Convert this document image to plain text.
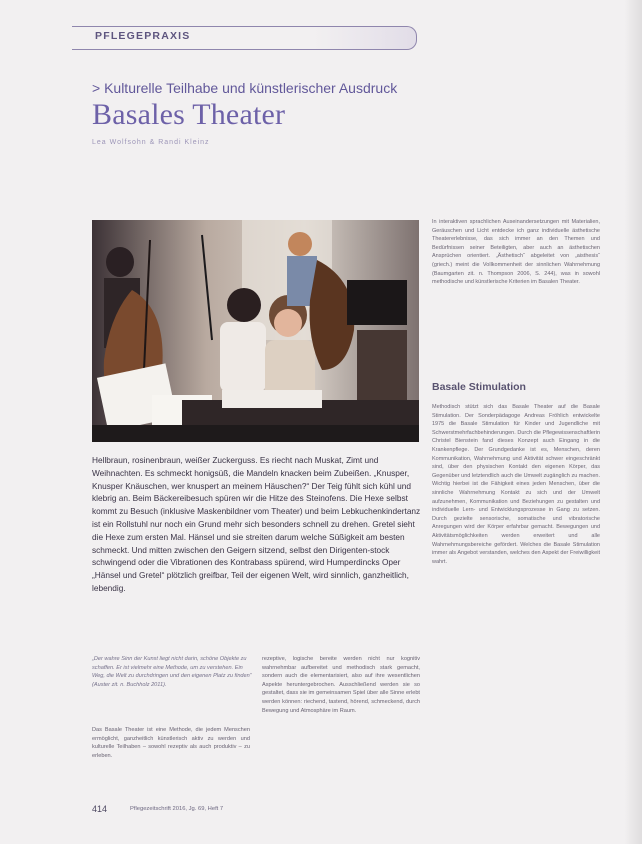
PFLEGEPRAXIS
> Kulturelle Teilhabe und künstlerischer Ausdruck
Basales Theater
Lea Wolfsohn & Randi Kleinz

Hellbraun, rosinenbraun, weißer Zuckerguss. Es riecht nach Muskat, Zimt und Weihnachten. Es schmeckt honigsüß, die Mandeln knacken beim Zubeißen. „Knusper, Knusper Knäuschen, wer knuspert an meinem Häuschen?“ Der Teig fühlt sich kühl und klebrig an. Beim Bäckereibesuch spüren wir die Hitze des Steinofens. Die Hexe selbst kommt zu Besuch (inklusive Maskenbildner vom Theater) und beim Lebkuchenkindertanz ist ein Rollstuhl nur noch ein Grund mehr sich besonders schnell zu drehen. Gretel sieht die Hexe zum ersten Mal. Hänsel und sie streiten darum welche Süßigkeit am besten schmeckt. Und mitten zwischen den Geigern sitzend, selbst den Dirigenten-stock schwingend oder die Vibrationen des Kontrabass spürend, wird Humperdincks Oper „Hänsel und Gretel“ plötzlich greifbar, Teil der eigenen Welt, wird sinnlich, ganzheitlich, lebendig.

„Der wahre Sinn der Kunst liegt nicht darin, schöne Objekte zu schaffen. Er ist vielmehr eine Methode, um zu verstehen. Ein Weg, die Welt zu durchdringen und den eigenen Platz zu finden“ (Auster zit. n. Buchholz 2011).

Das Basale Theater ist eine Methode, die jedem Menschen ermöglicht, ganzheitlich künstlerisch aktiv zu werden und kulturelle Teilhaben – sowohl rezeptiv als auch produktiv – zu erleben.

rezeptive, logische bereite werden nicht nur kognitiv wahrnehmbar aufbereitet und methodisch stark gemacht, sondern auch die elementarisiert, also auf ihre wesentlichen Aspekte heruntergebrochen. Ausschließend werden sie so gestaltet, dass sie im gemeinsamen Spiel über alle Sinne erlebt werden können: riechend, tastend, hörend, schmeckend, durch Bewegung und Atmosphäre im Raum.

In interaktiven sprachlichen Auseinandersetzungen mit Materialien, Geräuschen und Licht entdecke ich ganz individuelle ästhetische Theatererlebnisse, das sich immer an den Themen und Bedürfnissen seiner Beteiligten, aber auch an ästhetischen Ansprüchen orientiert. „Ästhetisch“ abgeleitet von „aisthesis“ (griech.) meint die Vollkommenheit der sinnlichen Wahrnehmung (Baumgarten zit. n. Thompson 2006, S. 244), was in sowohl methodische und künstlerische Kriterien im Basalen Theater.

Basale Stimulation

Methodisch stützt sich das Basale Theater auf die Basale Stimulation. Der Sonderpädagoge Andreas Fröhlich entwickelte 1975 die Basale Stimulation für Kinder und Jugendliche mit Schwerstmehrfachbehinderungen. Durch die Pflegewissenschaftlerin Christel Bienstein fand dieses Konzept auch Eingang in die Krankenpflege. Der Grundgedanke ist es, Menschen, deren Kommunikation, Wahrnehmung und Aktivität schwer eingeschränkt sind, über den physischen Kontakt den eigenen Körper, das Gegenüber und letztendlich auch die Umwelt zugänglich zu machen. Wichtig hierbei ist die Fähigkeit eines jeden Menschen, über die sinnliche Wahrnehmung Kontakt zu sich und der Umwelt aufzunehmen, Kommunikation und Beziehungen zu gestalten und individuelle Lern- und Entwicklungsprozesse in Gang zu setzen. Durch gezielte sensorische, somatische und vibratorische Anregungen wird der Körper erfahrbar gemacht. Bewegungen und Aktivitätsmöglichkeiten werden erweitert und alle Wahrnehmungsbereiche gefördert. Welches die Basale Stimulation immer als Angebot verstanden, welches den Aspekt der Freiwilligkeit wahrt.

414	Pflegezeitschrift 2016, Jg. 69, Heft 7
